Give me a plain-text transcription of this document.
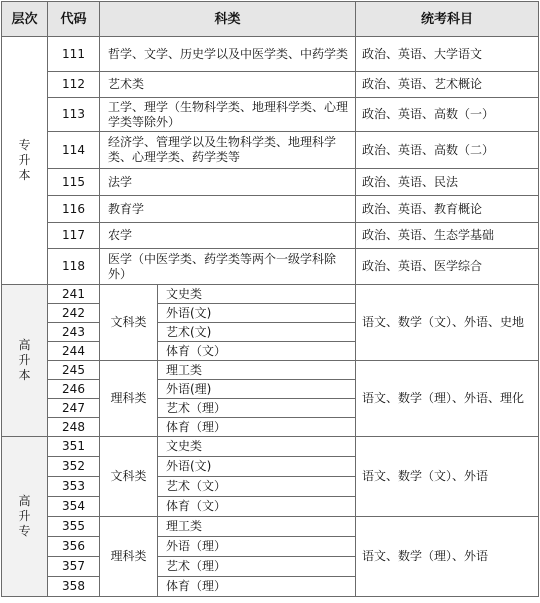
层次	代码	科类		统考科目

专
升
本	111	哲学、文学、历史学以及中医学类、中药学类		政治、英语、大学语文
	112	艺术类		政治、英语、艺术概论
	113	工学、理学（生物科学类、地理科学类、心理学类等除外）		政治、英语、高数（一）
	114	经济学、管理学以及生物科学类、地理科学类、心理学类、药学类等		政治、英语、高数（二）
	115	法学		政治、英语、民法
	116	教育学		政治、英语、教育概论
	117	农学		政治、英语、生态学基础
	118	医学（中医学类、药学类等两个一级学科除外）		政治、英语、医学综合

高
升
本	241	文科类	文史类	语文、数学（文）、外语、史地
	242		外语(文)	
	243		艺术(文)	
	244		体育（文）	
	245	理科类	理工类	语文、数学（理）、外语、理化
	246		外语(理)	
	247		艺术（理）	
	248		体育（理）	

高
升
专	351	文科类	文史类	语文、数学（文）、外语
	352		外语(文)	
	353		艺术（文）	
	354		体育（文）	
	355	理科类	理工类	语文、数学（理）、外语
	356		外语（理）	
	357		艺术（理）	
	358		体育（理）	
